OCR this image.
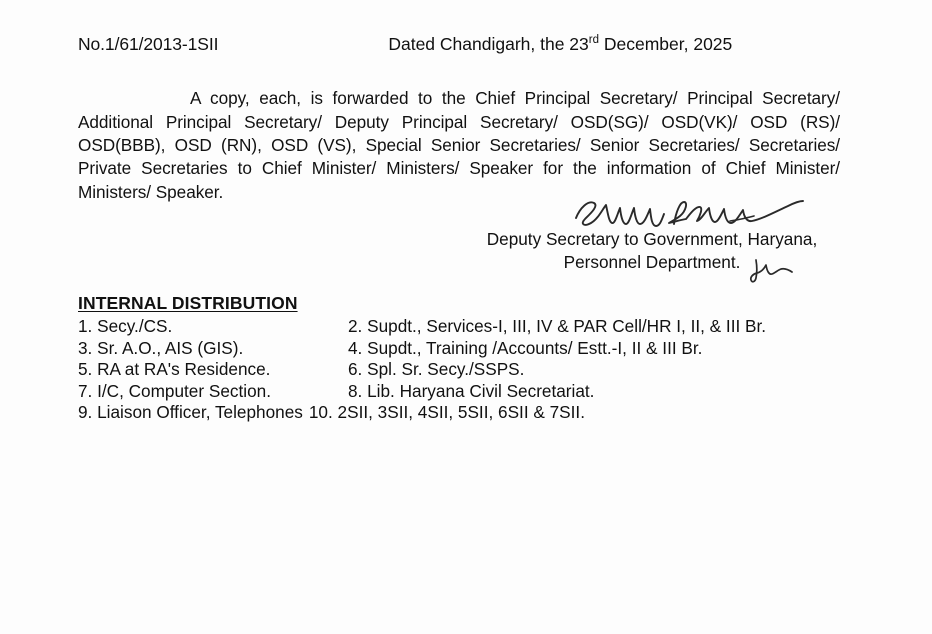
No.1/61/2013-1SII	Dated Chandigarh, the 23rd December, 2025

A copy, each, is forwarded to the Chief Principal Secretary/ Principal Secretary/ Additional Principal Secretary/ Deputy Principal Secretary/ OSD(SG)/ OSD(VK)/ OSD (RS)/ OSD(BBB), OSD (RN), OSD (VS), Special Senior Secretaries/ Senior Secretaries/ Secretaries/ Private Secretaries to Chief Minister/ Ministers/ Speaker for the information of Chief Minister/ Ministers/ Speaker.

Deputy Secretary to Government, Haryana,
Personnel Department.
INTERNAL DISTRIBUTION
1. Secy./CS.	2. Supdt., Services-I, III, IV & PAR Cell/HR I, II, & III Br.
3. Sr. A.O., AIS (GIS).	4. Supdt., Training /Accounts/ Estt.-I, II & III Br.
5. RA at RA's Residence.	6. Spl. Sr. Secy./SSPS.
7. I/C, Computer Section.	8. Lib. Haryana Civil Secretariat.
9. Liaison Officer, Telephones 10. 2SII, 3SII, 4SII, 5SII, 6SII & 7SII.
